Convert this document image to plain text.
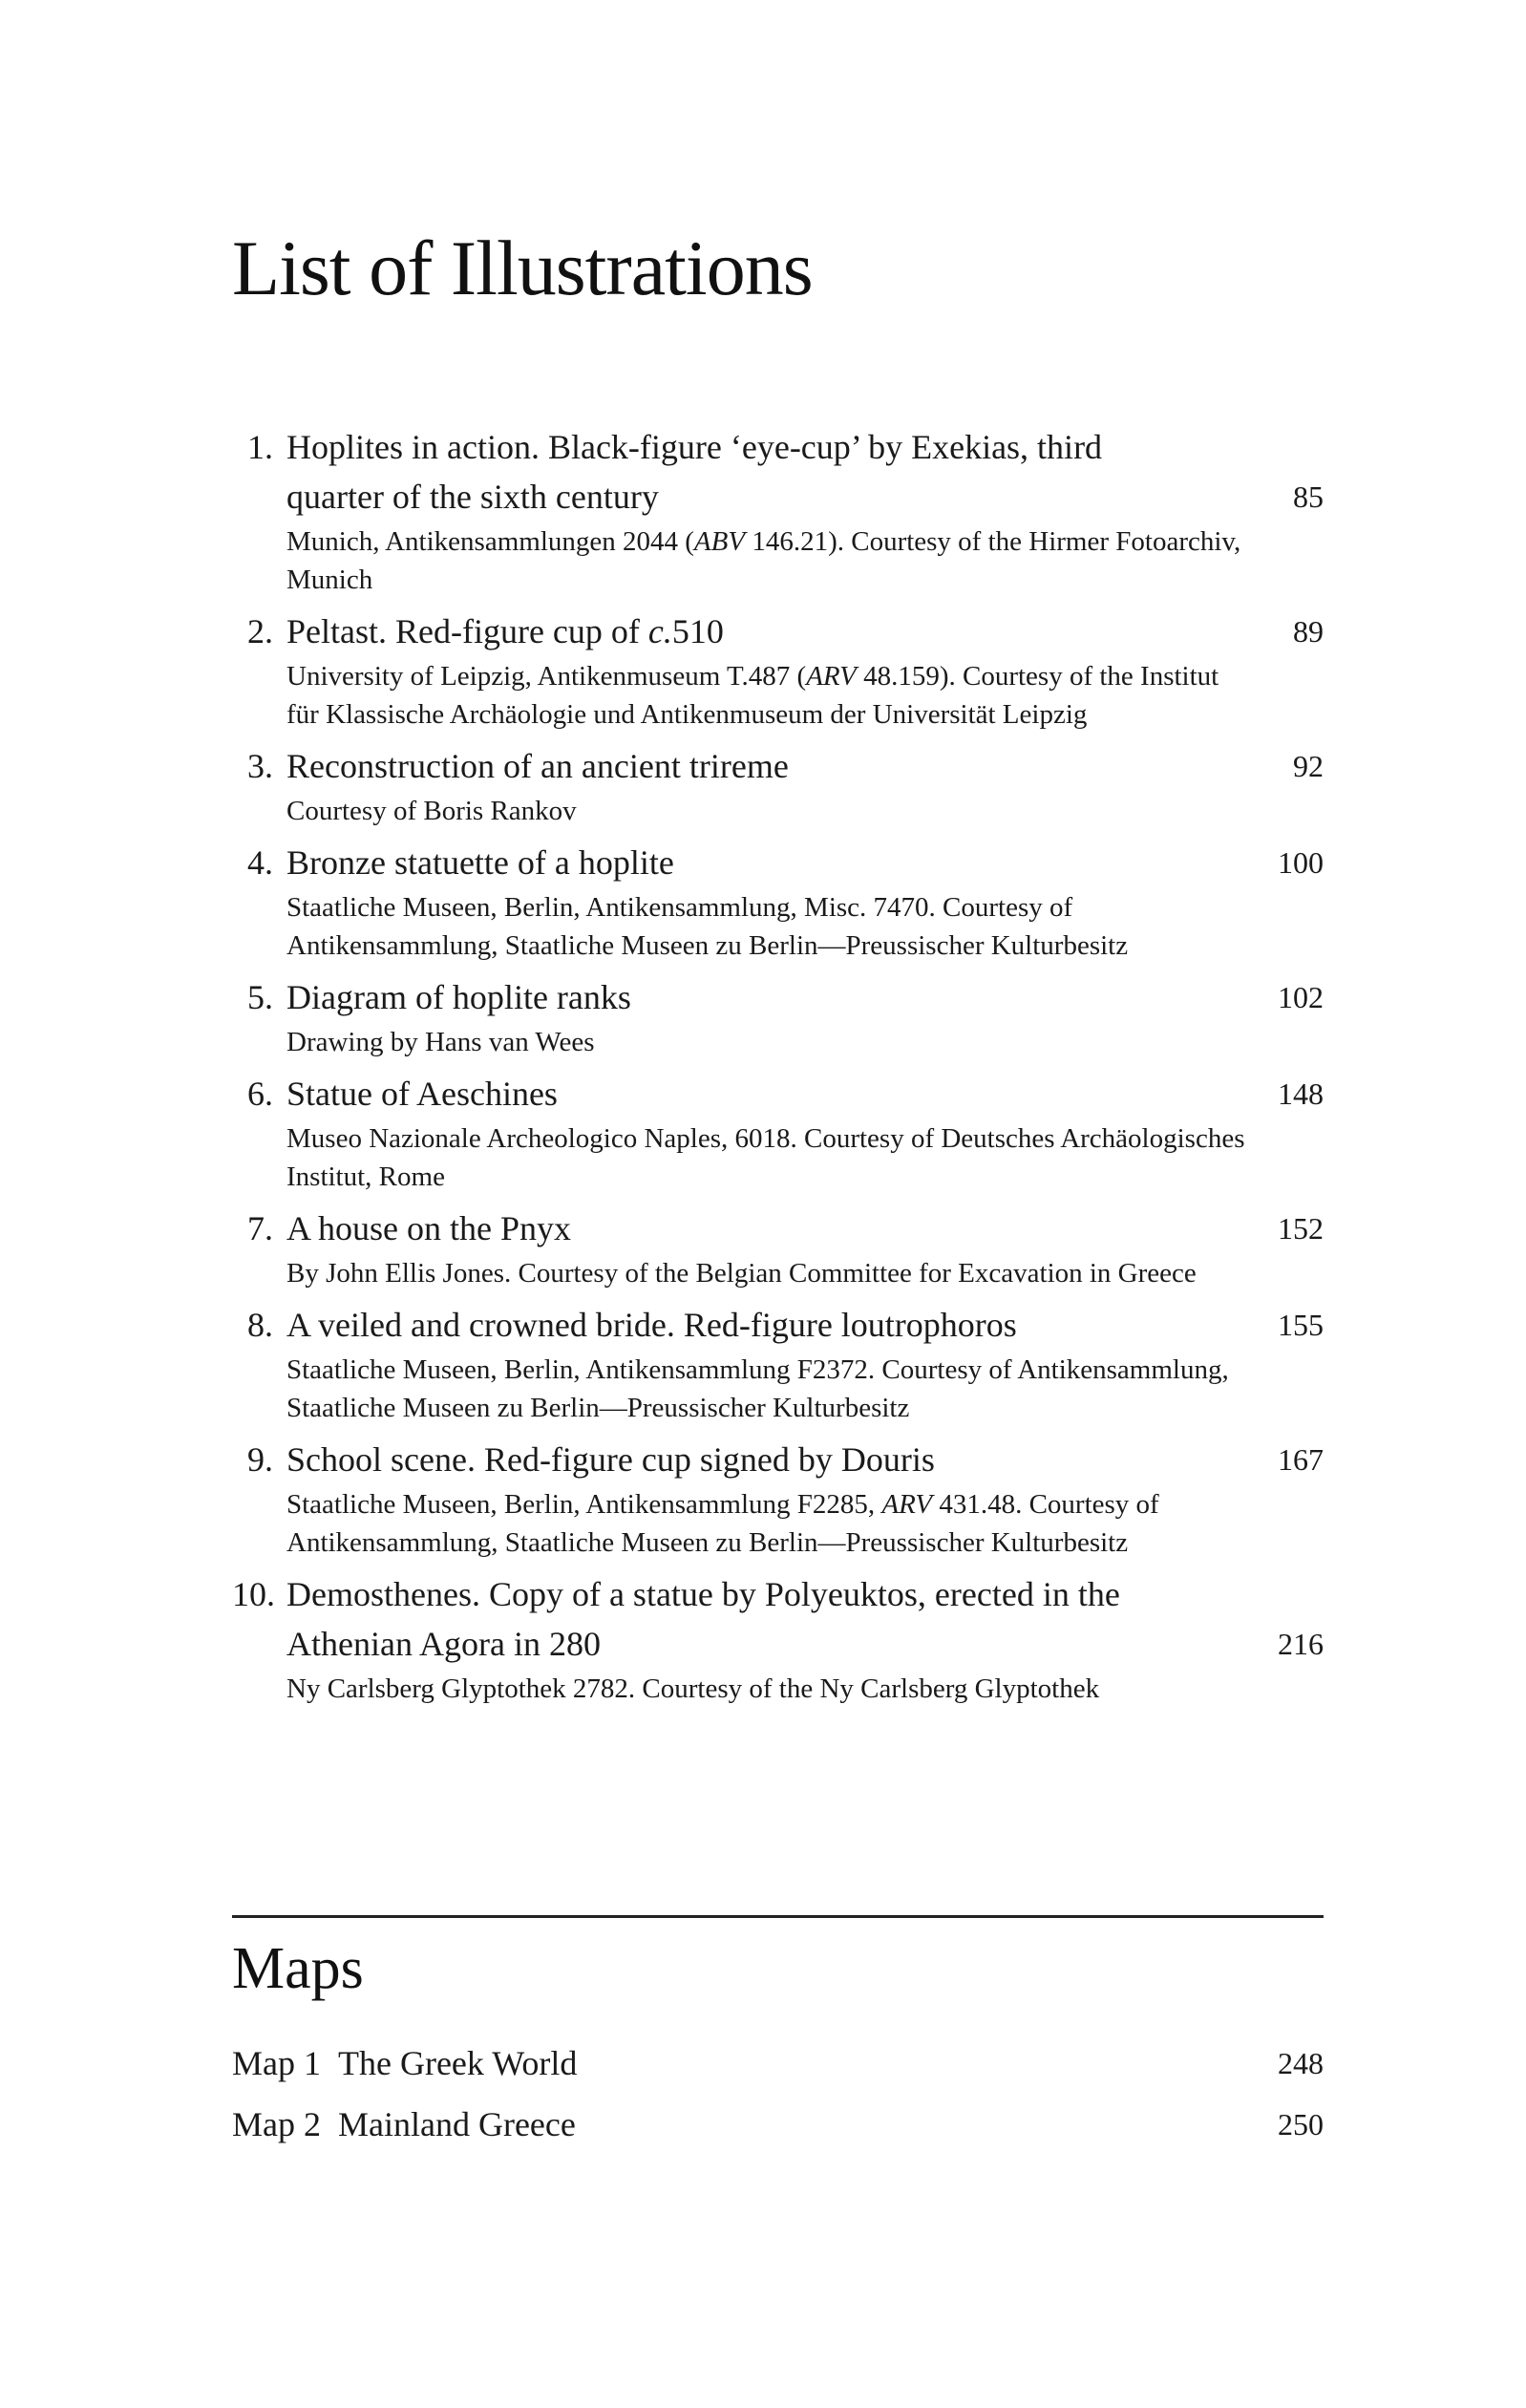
List of Illustrations
1. Hoplites in action. Black-figure ‘eye-cup’ by Exekias, third
quarter of the sixth century	85
Munich, Antikensammlungen 2044 (ABV 146.21). Courtesy of the Hirmer Fotoarchiv, Munich
2. Peltast. Red-figure cup of c.510	89
University of Leipzig, Antikenmuseum T.487 (ARV 48.159). Courtesy of the Institut für Klassische Archäologie und Antikenmuseum der Universität Leipzig
3. Reconstruction of an ancient trireme	92
Courtesy of Boris Rankov
4. Bronze statuette of a hoplite	100
Staatliche Museen, Berlin, Antikensammlung, Misc. 7470. Courtesy of Antikensammlung, Staatliche Museen zu Berlin—Preussischer Kulturbesitz
5. Diagram of hoplite ranks	102
Drawing by Hans van Wees
6. Statue of Aeschines	148
Museo Nazionale Archeologico Naples, 6018. Courtesy of Deutsches Archäologisches Institut, Rome
7. A house on the Pnyx	152
By John Ellis Jones. Courtesy of the Belgian Committee for Excavation in Greece
8. A veiled and crowned bride. Red-figure loutrophoros	155
Staatliche Museen, Berlin, Antikensammlung F2372. Courtesy of Antikensammlung, Staatliche Museen zu Berlin—Preussischer Kulturbesitz
9. School scene. Red-figure cup signed by Douris	167
Staatliche Museen, Berlin, Antikensammlung F2285, ARV 431.48. Courtesy of Antikensammlung, Staatliche Museen zu Berlin—Preussischer Kulturbesitz
10. Demosthenes. Copy of a statue by Polyeuktos, erected in the
Athenian Agora in 280	216
Ny Carlsberg Glyptothek 2782. Courtesy of the Ny Carlsberg Glyptothek
Maps
Map 1 The Greek World	248
Map 2 Mainland Greece	250
